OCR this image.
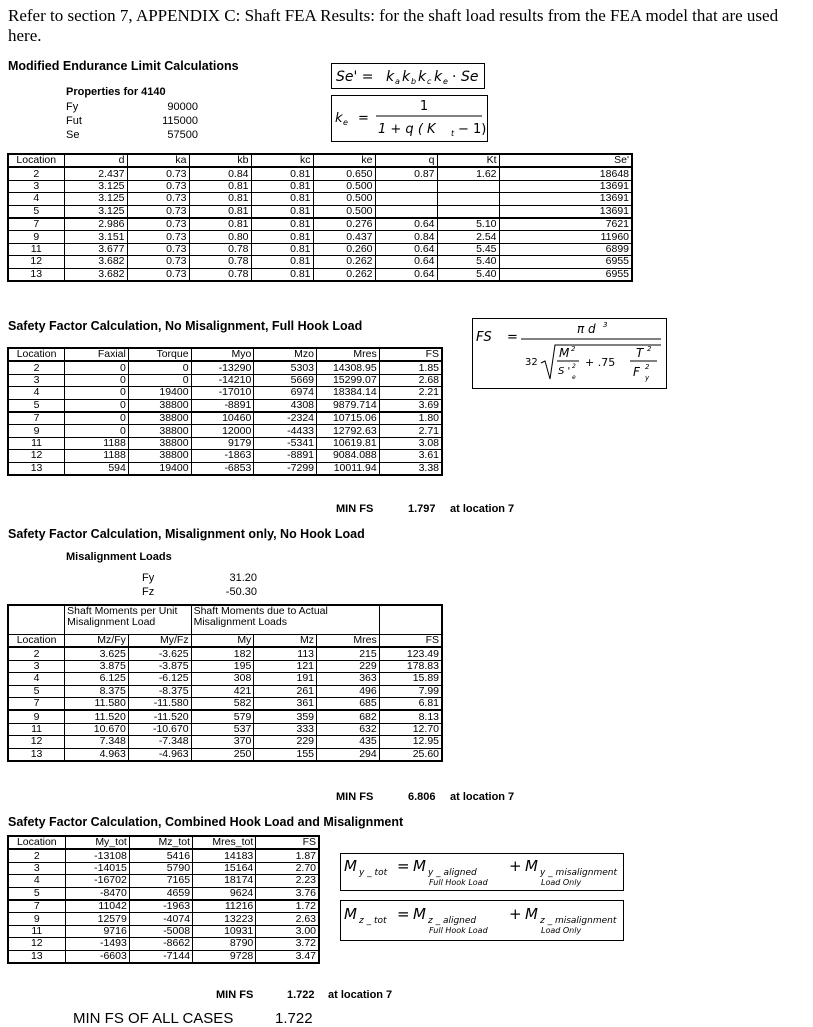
Refer to section 7, APPENDIX C: Shaft FEA Results: for the shaft load results from the FEA model that are used here.
Modified Endurance Limit Calculations
Properties for 4140
Fy	90000
Fut	115000
Se	57500
Se' = k a k b k c k e · Se
k e =
1
1 + q ( K t − 1)
Location	d	ka	kb	kc	ke	q	Kt	Se'
2	2.437	0.73	0.84	0.81	0.650	0.87	1.62	18648
3	3.125	0.73	0.81	0.81	0.500			13691
4	3.125	0.73	0.81	0.81	0.500			13691
5	3.125	0.73	0.81	0.81	0.500			13691
7	2.986	0.73	0.81	0.81	0.276	0.64	5.10	7621
9	3.151	0.73	0.80	0.81	0.437	0.84	2.54	11960
11	3.677	0.73	0.78	0.81	0.260	0.64	5.45	6899
12	3.682	0.73	0.78	0.81	0.262	0.64	5.40	6955
13	3.682	0.73	0.78	0.81	0.262	0.64	5.40	6955
Safety Factor Calculation, No Misalignment, Full Hook Load
FS =
π d 3
32
M 2
S ' 2
e
+ .75
T 2
F 2
y
Location	Faxial	Torque	Myo	Mzo	Mres	FS
2	0	0	-13290	5303	14308.95	1.85
3	0	0	-14210	5669	15299.07	2.68
4	0	19400	-17010	6974	18384.14	2.21
5	0	38800	-8891	4308	9879.714	3.69
7	0	38800	10460	-2324	10715.06	1.80
9	0	38800	12000	-4433	12792.63	2.71
11	1188	38800	9179	-5341	10619.81	3.08
12	1188	38800	-1863	-8891	9084.088	3.61
13	594	19400	-6853	-7299	10011.94	3.38
MIN FS	1.797 at location 7
Safety Factor Calculation, Misalignment only, No Hook Load
Misalignment Loads
Fy	31.20
Fz	-50.30
	Shaft Moments per Unit Misalignment Load		Shaft Moments due to Actual Misalignment Loads			
Location	Mz/Fy	My/Fz	My	Mz	Mres	FS
2	3.625	-3.625	182	113	215	123.49
3	3.875	-3.875	195	121	229	178.83
4	6.125	-6.125	308	191	363	15.89
5	8.375	-8.375	421	261	496	7.99
7	11.580	-11.580	582	361	685	6.81
9	11.520	-11.520	579	359	682	8.13
11	10.670	-10.670	537	333	632	12.70
12	7.348	-7.348	370	229	435	12.95
13	4.963	-4.963	250	155	294	25.60
MIN FS	6.806 at location 7
Safety Factor Calculation, Combined Hook Load and Misalignment
Location	My_tot	Mz_tot	Mres_tot	FS
2	-13108	5416	14183	1.87
3	-14015	5790	15164	2.70
4	-16702	7165	18174	2.23
5	-8470	4659	9624	3.76
7	11042	-1963	11216	1.72
9	12579	-4074	13223	2.63
11	9716	-5008	10931	3.00
12	-1493	-8662	8790	3.72
13	-6603	-7144	9728	3.47
M y _ tot = M y _ aligned
Full Hook Load
+ M y _ misalignment
Load Only
M z _ tot = M z _ aligned
Full Hook Load
+ M z _ misalignment
Load Only
MIN FS	1.722 at location 7
MIN FS OF ALL CASES	1.722
